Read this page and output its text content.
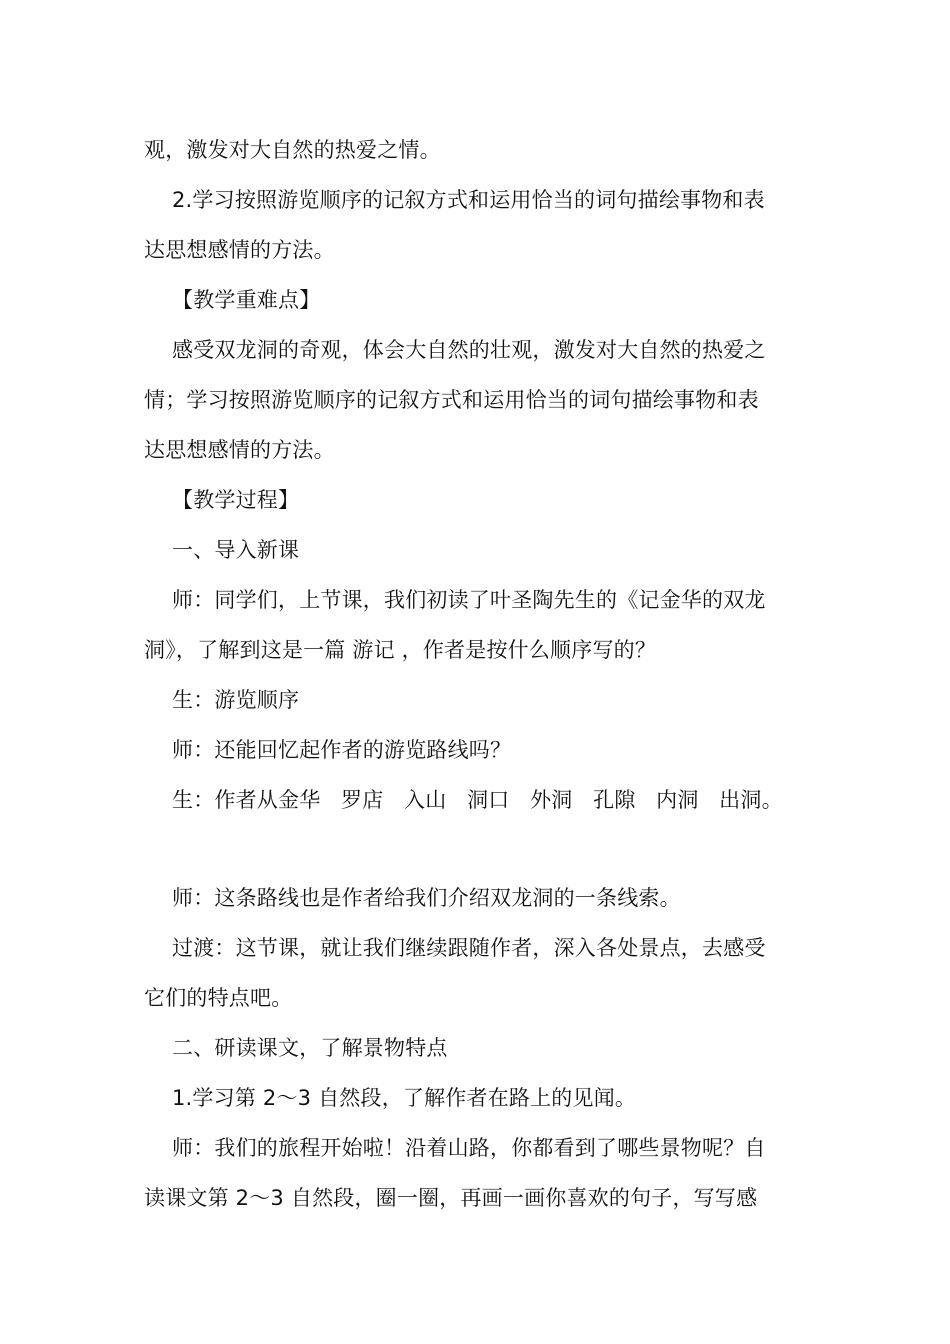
观，激发对大自然的热爱之情。
2.学习按照游览顺序的记叙方式和运用恰当的词句描绘事物和表
达思想感情的方法。
【教学重难点】
感受双龙洞的奇观，体会大自然的壮观，激发对大自然的热爱之
情；学习按照游览顺序的记叙方式和运用恰当的词句描绘事物和表
达思想感情的方法。
【教学过程】
一、导入新课
师：同学们，上节课，我们初读了叶圣陶先生的《记金华的双龙
洞》，了解到这是一篇 游记 ，作者是按什么顺序写的？
生：游览顺序
师：还能回忆起作者的游览路线吗？
生：作者从金华   罗店   入山   洞口   外洞   孔隙   内洞   出洞。
师：这条路线也是作者给我们介绍双龙洞的一条线索。
过渡：这节课，就让我们继续跟随作者，深入各处景点，去感受
它们的特点吧。
二、研读课文，了解景物特点
1.学习第 2～3 自然段，了解作者在路上的见闻。
师：我们的旅程开始啦！沿着山路，你都看到了哪些景物呢？自
读课文第 2～3 自然段，圈一圈，再画一画你喜欢的句子，写写感
